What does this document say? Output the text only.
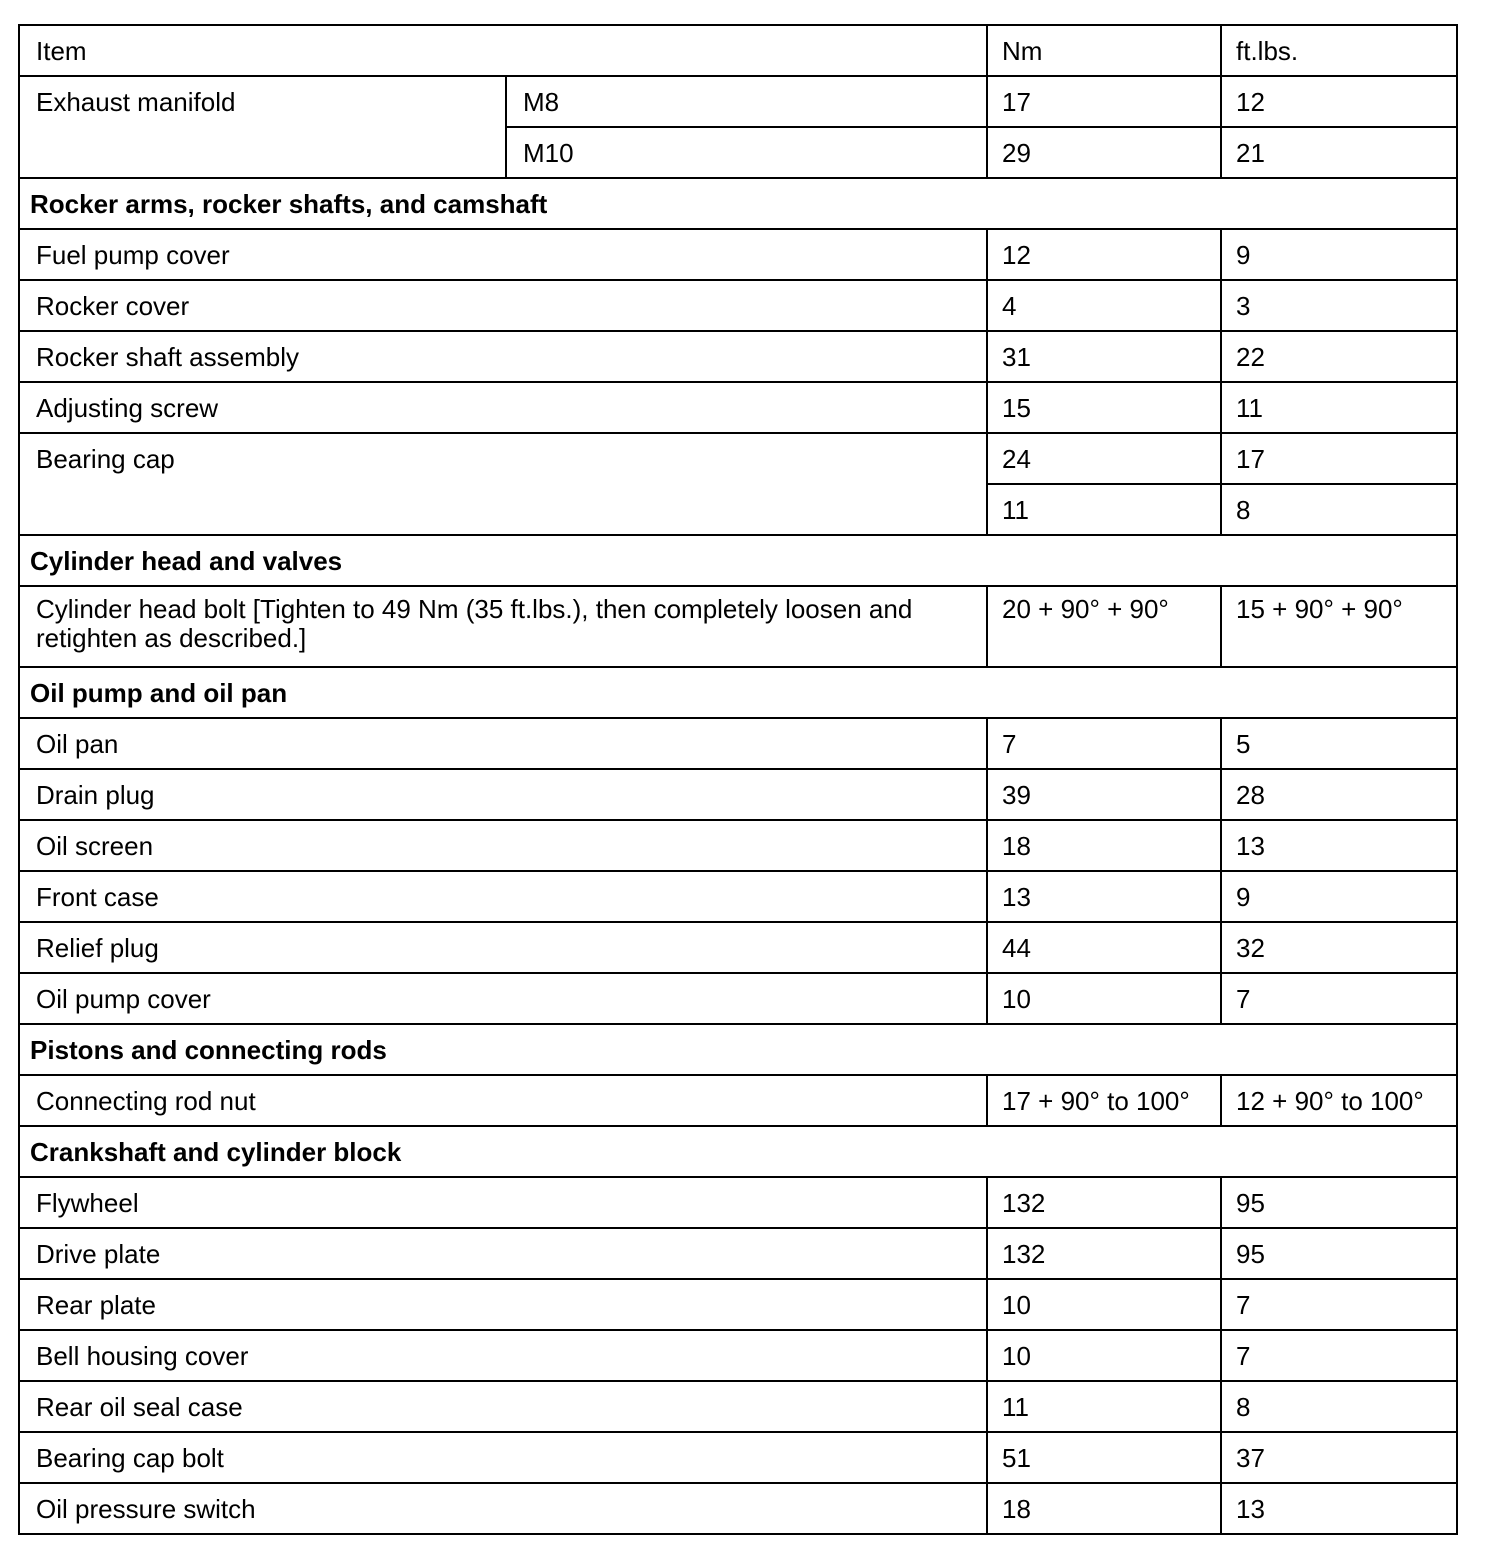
Item		Nm	ft.lbs.
Exhaust manifold	M8	17	12
	M10	29	21
Rocker arms, rocker shafts, and camshaft			
Fuel pump cover		12	9
Rocker cover		4	3
Rocker shaft assembly		31	22
Adjusting screw		15	11
Bearing cap		24	17
		11	8
Cylinder head and valves			
Cylinder head bolt [Tighten to 49 Nm (35 ft.lbs.), then completely loosen and retighten as described.]		20 + 90° + 90°	15 + 90° + 90°
Oil pump and oil pan			
Oil pan		7	5
Drain plug		39	28
Oil screen		18	13
Front case		13	9
Relief plug		44	32
Oil pump cover		10	7
Pistons and connecting rods			
Connecting rod nut		17 + 90° to 100°	12 + 90° to 100°
Crankshaft and cylinder block			
Flywheel		132	95
Drive plate		132	95
Rear plate		10	7
Bell housing cover		10	7
Rear oil seal case		11	8
Bearing cap bolt		51	37
Oil pressure switch		18	13
